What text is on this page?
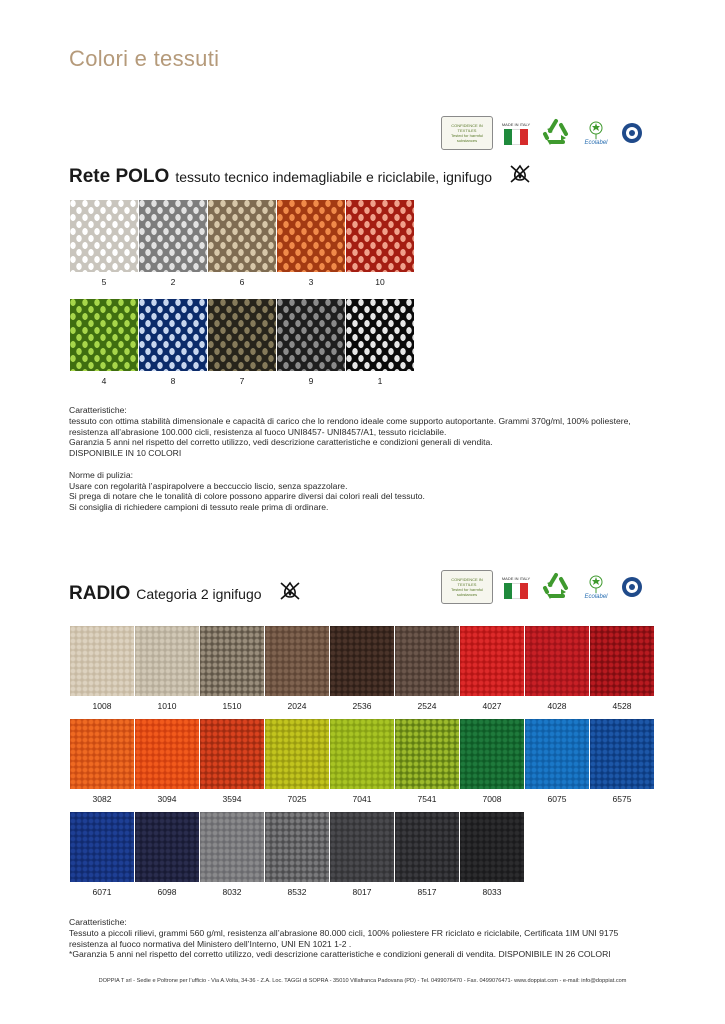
Colori e tessuti
CONFIDENCE IN TEXTILES
Tested for harmful substances
MADE IN ITALY
Ecolabel
Rete POLO tessuto tecnico indemagliabile e riciclabile, ignifugo
5	2	6	3	10
4	8	7	9	1

Caratteristiche:

tessuto con ottima stabilità dimensionale e capacità di carico che lo rendono ideale come supporto autoportante. Grammi 370g/ml, 100% poliestere, resistenza all’abrasione 100.000 cicli, resistenza al fuoco UNI8457- UNI8457/A1, tessuto riciclabile.

Garanzia 5 anni nel rispetto del corretto utilizzo, vedi descrizione caratteristiche e condizioni generali di vendita.

DISPONIBILE IN 10 COLORI

Norme di pulizia:

Usare con regolarità l’aspirapolvere a beccuccio liscio, senza spazzolare.

Si prega di notare che le tonalità di colore possono apparire diversi dai colori reali del tessuto.

Si consiglia di richiedere campioni di tessuto reale prima di ordinare.

CONFIDENCE IN TEXTILES
Tested for harmful substances
MADE IN ITALY
Ecolabel
RADIO Categoria 2 ignifugo
1008	1010	1510	2024	2536	2524	4027	4028	4528
3082	3094	3594	7025	7041	7541	7008	6075	6575
6071	6098	8032	8532	8017	8517	8033

Caratteristiche:

Tessuto a piccoli rilievi, grammi 560 g/ml, resistenza all’abrasione 80.000 cicli, 100% poliestere FR riciclato e riciclabile, Certificata 1IM UNI 9175 resistenza al fuoco normativa del Ministero dell’Interno, UNI EN 1021 1-2 .

*Garanzia 5 anni nel rispetto del corretto utilizzo, vedi descrizione caratteristiche e condizioni generali di vendita. DISPONIBILE IN 26 COLORI

DOPPIA T srl - Sedie e Poltrone per l’ufficio - Via A.Volta, 34-36 - Z.A. Loc. TAGGI di SOPRA - 35010 Villafranca Padovana (PD) - Tel. 0499076470 - Fax. 0499076471- www.doppiat.com - e-mail: info@doppiat.com
